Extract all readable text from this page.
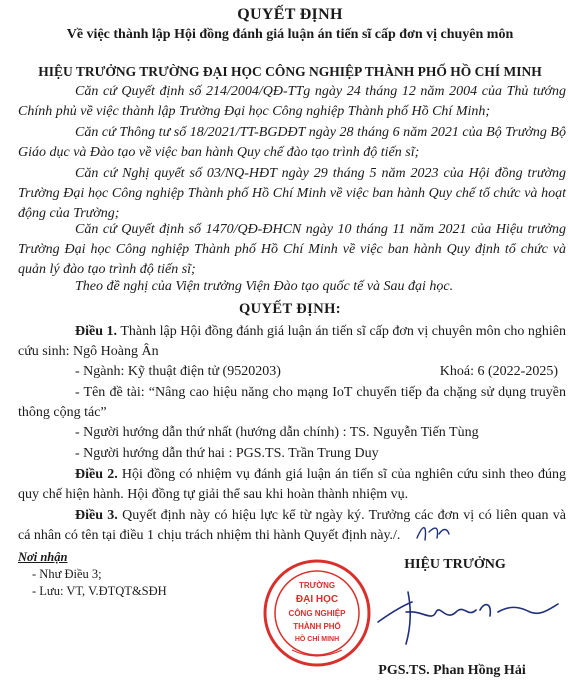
QUYẾT ĐỊNH
Về việc thành lập Hội đồng đánh giá luận án tiến sĩ cấp đơn vị chuyên môn
HIỆU TRƯỞNG TRƯỜNG ĐẠI HỌC CÔNG NGHIỆP THÀNH PHỐ HỒ CHÍ MINH
Căn cứ Quyết định số 214/2004/QĐ-TTg ngày 24 tháng 12 năm 2004 của Thủ tướng Chính phủ về việc thành lập Trường Đại học Công nghiệp Thành phố Hồ Chí Minh;
Căn cứ Thông tư số 18/2021/TT-BGDĐT ngày 28 tháng 6 năm 2021 của Bộ Trưởng Bộ Giáo dục và Đào tạo về việc ban hành Quy chế đào tạo trình độ tiến sĩ;
Căn cứ Nghị quyết số 03/NQ-HĐT ngày 29 tháng 5 năm 2023 của Hội đồng trường Trường Đại học Công nghiệp Thành phố Hồ Chí Minh về việc ban hành Quy chế tổ chức và hoạt động của Trường;
Căn cứ Quyết định số 1470/QĐ-ĐHCN ngày 10 tháng 11 năm 2021 của Hiệu trưởng Trường Đại học Công nghiệp Thành phố Hồ Chí Minh về việc ban hành Quy định tổ chức và quản lý đào tạo trình độ tiến sĩ;
Theo đề nghị của Viện trưởng Viện Đào tạo quốc tế và Sau đại học.
QUYẾT ĐỊNH:
Điều 1. Thành lập Hội đồng đánh giá luận án tiến sĩ cấp đơn vị chuyên môn cho nghiên cứu sinh: Ngô Hoàng Ân
- Ngành: Kỹ thuật điện tử (9520203)	Khoá: 6 (2022-2025)
- Tên đề tài: “Nâng cao hiệu năng cho mạng IoT chuyển tiếp đa chặng sử dụng truyền thông cộng tác”
- Người hướng dẫn thứ nhất (hướng dẫn chính) : TS. Nguyễn Tiến Tùng
- Người hướng dẫn thứ hai : PGS.TS. Trần Trung Duy
Điều 2. Hội đồng có nhiệm vụ đánh giá luận án tiến sĩ của nghiên cứu sinh theo đúng quy chế hiện hành. Hội đồng tự giải thể sau khi hoàn thành nhiệm vụ.
Điều 3. Quyết định này có hiệu lực kể từ ngày ký. Trưởng các đơn vị có liên quan và cá nhân có tên tại điều 1 chịu trách nhiệm thi hành Quyết định này./.
Nơi nhận
- Như Điều 3;
- Lưu: VT, V.ĐTQT&SĐH
HIỆU TRƯỞNG
TRƯỜNG
ĐẠI HỌC
CÔNG NGHIỆP
THÀNH PHỐ
HỒ CHÍ MINH
PGS.TS. Phan Hồng Hải
